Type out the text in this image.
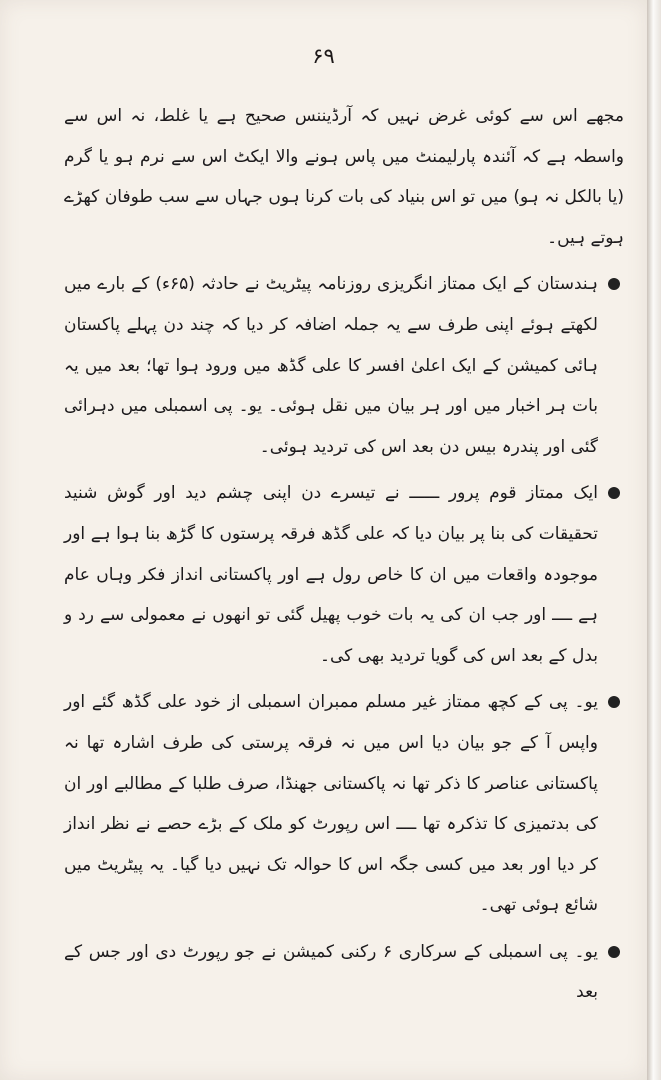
۶۹

مجھے اس سے کوئی غرض نہیں کہ آرڈیننس صحیح ہے یا غلط، نہ اس سے واسطہ ہے کہ آئندہ پارلیمنٹ میں پاس ہونے والا ایکٹ اس سے نرم ہو یا گرم (یا بالکل نہ ہو) میں تو اس بنیاد کی بات کرنا ہوں جہاں سے سب طوفان کھڑے ہوتے ہیں۔

ہندستان کے ایک ممتاز انگریزی روزنامہ پیٹریٹ نے حادثہ (۶۵ء) کے بارے میں لکھتے ہوئے اپنی طرف سے یہ جملہ اضافہ کر دیا کہ چند دن پہلے پاکستان ہائی کمیشن کے ایک اعلیٰ افسر کا علی گڈھ میں ورود ہوا تھا؛ بعد میں یہ بات ہر اخبار میں اور ہر بیان میں نقل ہوئی۔ یو۔ پی اسمبلی میں دہرائی گئی اور پندرہ بیس دن بعد اس کی تردید ہوئی۔

ایک ممتاز قوم پرور ــــــ نے تیسرے دن اپنی چشم دید اور گوش شنید تحقیقات کی بنا پر بیان دیا کہ علی گڈھ فرقہ پرستوں کا گڑھ بنا ہوا ہے اور موجودہ واقعات میں ان کا خاص رول ہے اور پاکستانی انداز فکر وہاں عام ہے ــــ اور جب ان کی یہ بات خوب پھیل گئی تو انھوں نے معمولی سے رد و بدل کے بعد اس کی گویا تردید بھی کی۔

یو۔ پی کے کچھ ممتاز غیر مسلم ممبران اسمبلی از خود علی گڈھ گئے اور واپس آ کے جو بیان دیا اس میں نہ فرقہ پرستی کی طرف اشارہ تھا نہ پاکستانی عناصر کا ذکر تھا نہ پاکستانی جھنڈا، صرف طلبا کے مطالبے اور ان کی بدتمیزی کا تذکرہ تھا ــــ اس رپورٹ کو ملک کے بڑے حصے نے نظر انداز کر دیا اور بعد میں کسی جگہ اس کا حوالہ تک نہیں دیا گیا۔ یہ پیٹریٹ میں شائع ہوئی تھی۔

یو۔ پی اسمبلی کے سرکاری ۶ رکنی کمیشن نے جو رپورٹ دی اور جس کے بعد
